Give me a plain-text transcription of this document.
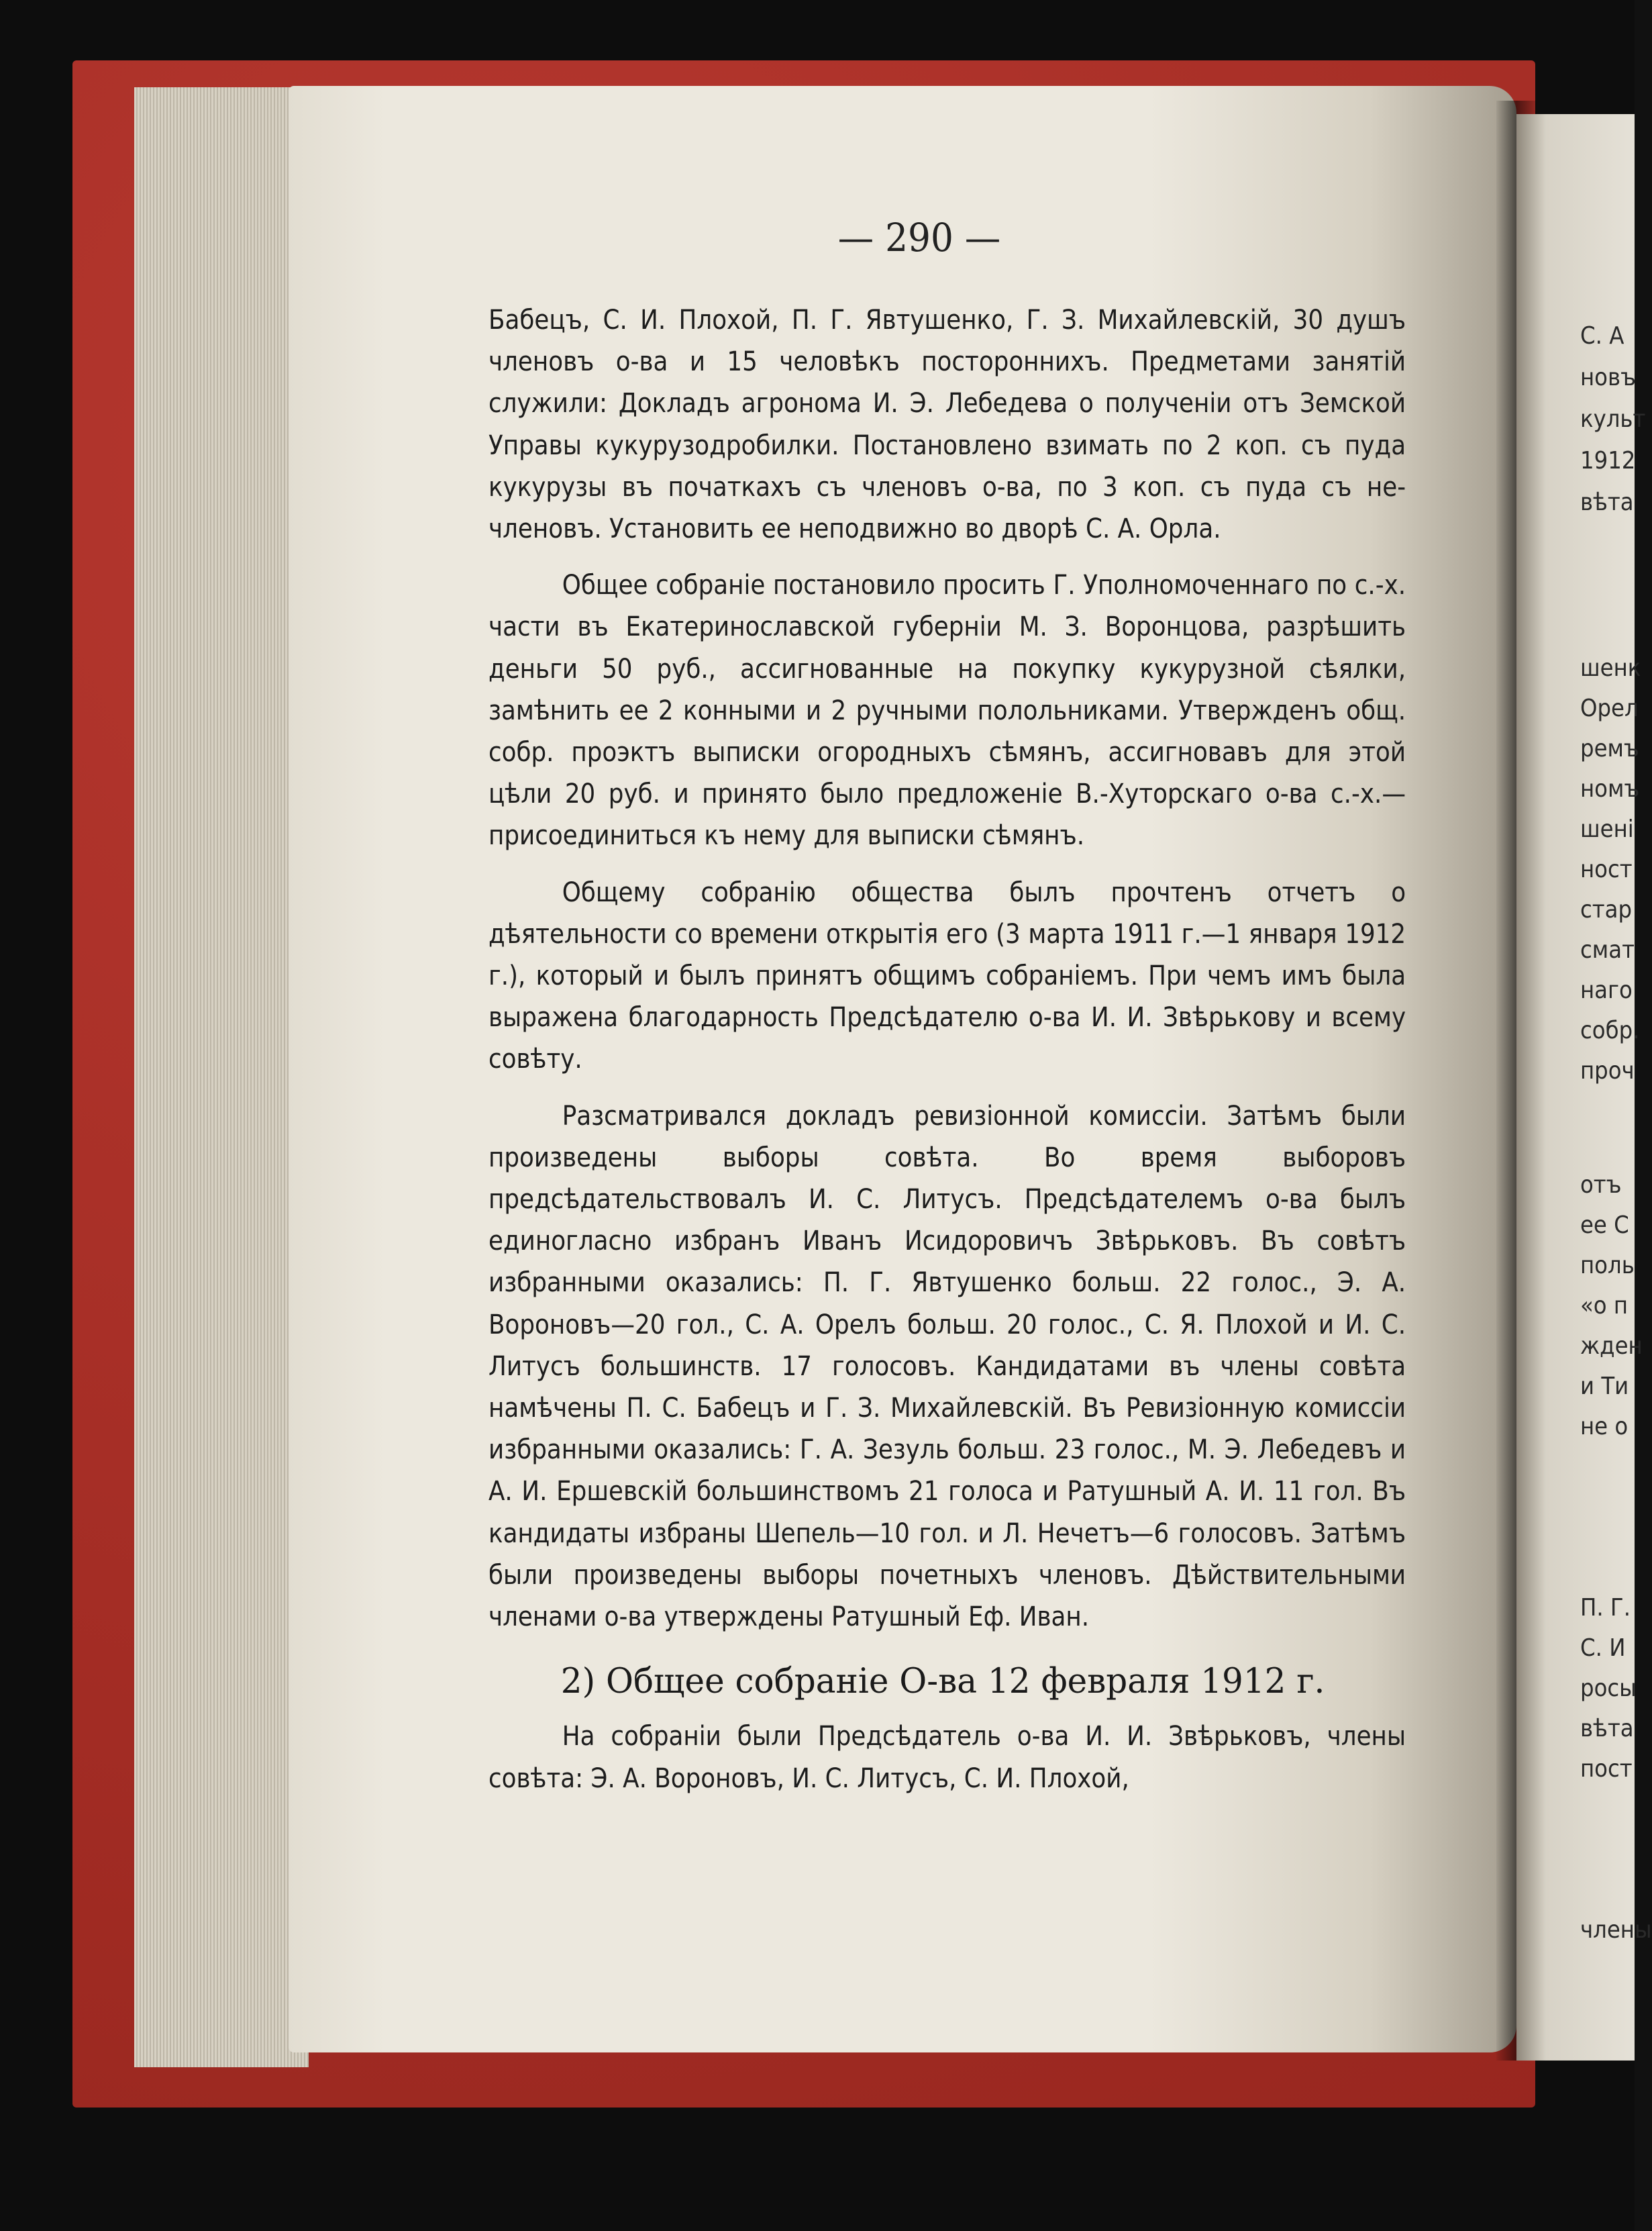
— 290 —

Бабецъ, С. И. Плохой, П. Г. Явтушенко, Г. З. Михайлевскій, 30 душъ членовъ о-ва и 15 человѣкъ постороннихъ. Предметами занятій служили: Докладъ агронома И. Э. Лебедева о полученіи отъ Земской Управы кукурузодробилки. Постановлено взимать по 2 коп. съ пуда кукурузы въ початкахъ съ членовъ о-ва, по 3 коп. съ пуда съ не-членовъ. Установить ее неподвижно во дворѣ С. А. Орла.

Общее собраніе постановило просить Г. Уполномоченнаго по с.-х. части въ Екатеринославской губерніи М. З. Воронцова, разрѣшить деньги 50 руб., ассигнованные на покупку кукурузной сѣялки, замѣнить ее 2 конными и 2 ручными полольниками. Утвержденъ общ. собр. проэктъ выписки огородныхъ сѣмянъ, ассигновавъ для этой цѣли 20 руб. и принято было предложеніе В.-Хуторскаго о-ва с.-х.—присоединиться къ нему для выписки сѣмянъ.

Общему собранію общества былъ прочтенъ отчетъ о дѣятельности со времени открытія его (3 марта 1911 г.—1 января 1912 г.), который и былъ принятъ общимъ собраніемъ. При чемъ имъ была выражена благодарность Предсѣдателю о-ва И. И. Звѣрькову и всему совѣту.

Разсматривался докладъ ревизіонной комиссіи. Затѣмъ были произведены выборы совѣта. Во время выборовъ предсѣдательствовалъ И. С. Литусъ. Предсѣдателемъ о-ва былъ единогласно избранъ Иванъ Исидоровичъ Звѣрьковъ. Въ совѣтъ избранными оказались: П. Г. Явтушенко больш. 22 голос., Э. А. Вороновъ—20 гол., С. А. Орелъ больш. 20 голос., С. Я. Плохой и И. С. Литусъ большинств. 17 голосовъ. Кандидатами въ члены совѣта намѣчены П. С. Бабецъ и Г. З. Михайлевскій. Въ Ревизіонную комиссіи избранными оказались: Г. А. Зезуль больш. 23 голос., М. Э. Лебедевъ и А. И. Ершевскій большинствомъ 21 голоса и Ратушный А. И. 11 гол. Въ кандидаты избраны Шепель—10 гол. и Л. Нечетъ—6 голосовъ. Затѣмъ были произведены выборы почетныхъ членовъ. Дѣйствительными членами о-ва утверждены Ратушный Еф. Иван.

2) Общее собраніе О-ва 12 февраля 1912 г.

На собраніи были Предсѣдатель о-ва И. И. Звѣрьковъ, члены совѣта: Э. А. Вороновъ, И. С. Литусъ, С. И. Плохой,

С. А
новъ
культ
1912
вѣта
шенк
Орел
ремъ
номъ
шені
ност
стар
смат
наго
собр.
проч
отъ
ее С
поль
«о п
жден
и Ти
не о
П. Г.
С. И
росы
вѣта
пост
члены
